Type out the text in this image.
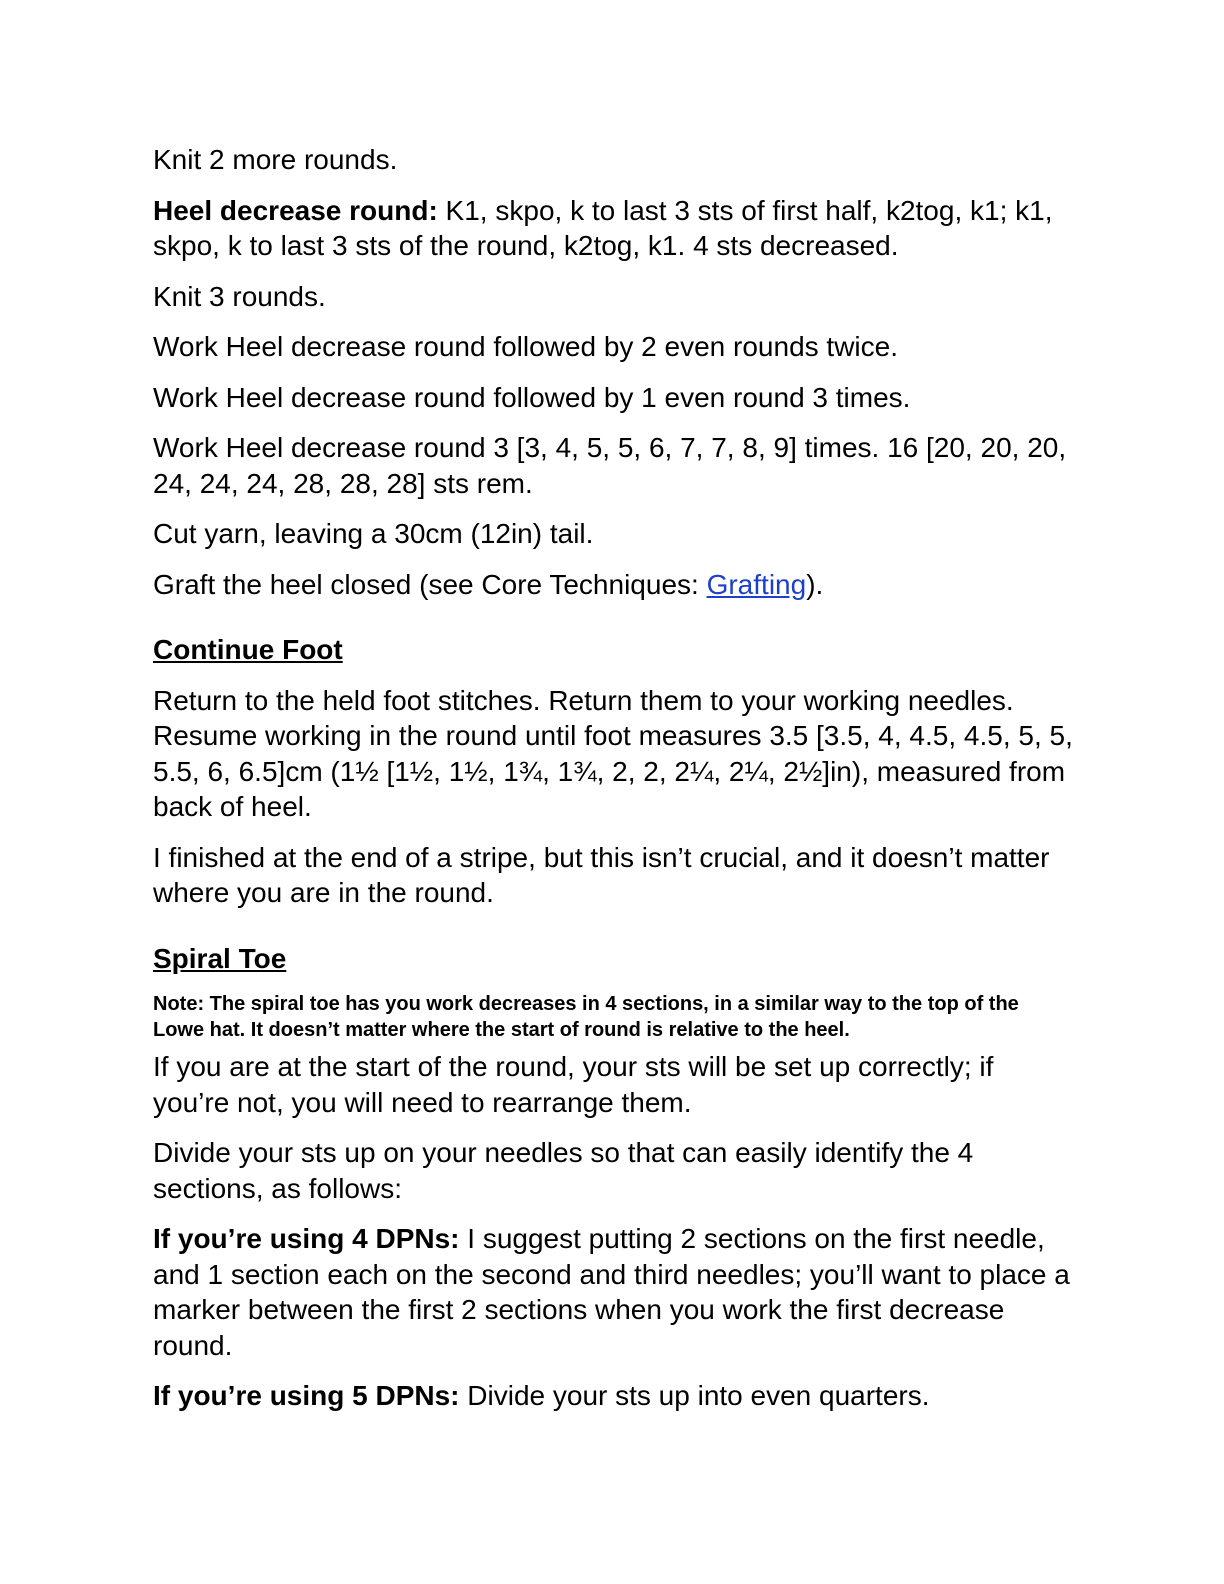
Knit 2 more rounds.

Heel decrease round: K1, skpo, k to last 3 sts of first half, k2tog, k1; k1, skpo, k to last 3 sts of the round, k2tog, k1. 4 sts decreased.

Knit 3 rounds.

Work Heel decrease round followed by 2 even rounds twice.

Work Heel decrease round followed by 1 even round 3 times.

Work Heel decrease round 3 [3, 4, 5, 5, 6, 7, 7, 8, 9] times. 16 [20, 20, 20, 24, 24, 24, 28, 28, 28] sts rem.

Cut yarn, leaving a 30cm (12in) tail.

Graft the heel closed (see Core Techniques: Grafting).

Continue Foot

Return to the held foot stitches. Return them to your working needles. Resume working in the round until foot measures 3.5 [3.5, 4, 4.5, 4.5, 5, 5, 5.5, 6, 6.5]cm (1½ [1½, 1½, 1¾, 1¾, 2, 2, 2¼, 2¼, 2½]in), measured from back of heel.

I finished at the end of a stripe, but this isn’t crucial, and it doesn’t matter where you are in the round.

Spiral Toe

Note: The spiral toe has you work decreases in 4 sections, in a similar way to the top of the Lowe hat. It doesn’t matter where the start of round is relative to the heel.

If you are at the start of the round, your sts will be set up correctly; if you’re not, you will need to rearrange them.

Divide your sts up on your needles so that can easily identify the 4 sections, as follows:

If you’re using 4 DPNs: I suggest putting 2 sections on the first needle, and 1 section each on the second and third needles; you’ll want to place a marker between the first 2 sections when you work the first decrease round.

If you’re using 5 DPNs: Divide your sts up into even quarters.
